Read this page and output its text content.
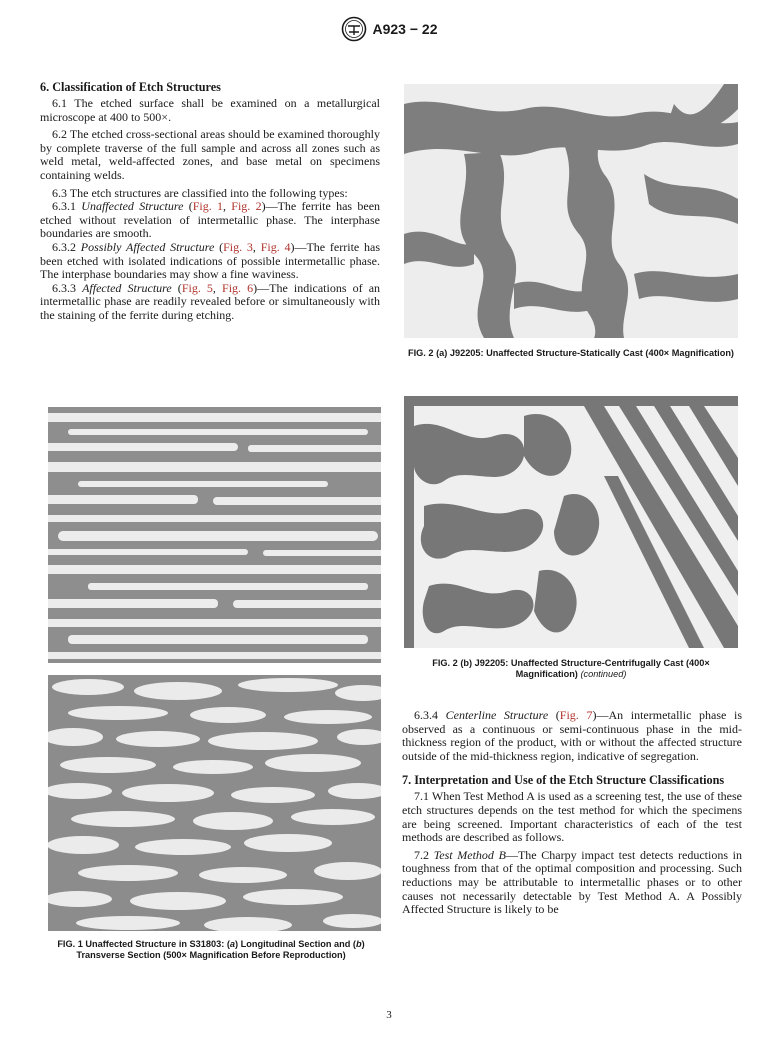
A923 − 22
6. Classification of Etch Structures

6.1 The etched surface shall be examined on a metallurgical microscope at 400 to 500×.

6.2 The etched cross-sectional areas should be examined thoroughly by complete traverse of the full sample and across all zones such as weld metal, weld-affected zones, and base metal on specimens containing welds.

6.3 The etch structures are classified into the following types:

6.3.1 Unaffected Structure (Fig. 1, Fig. 2)—The ferrite has been etched without revelation of intermetallic phase. The interphase boundaries are smooth.

6.3.2 Possibly Affected Structure (Fig. 3, Fig. 4)—The ferrite has been etched with isolated indications of possible intermetallic phase. The interphase boundaries may show a fine waviness.

6.3.3 Affected Structure (Fig. 5, Fig. 6)—The indications of an intermetallic phase are readily revealed before or simultaneously with the staining of the ferrite during etching.

FIG. 1 Unaffected Structure in S31803: (a) Longitudinal Section and (b) Transverse Section (500× Magnification Before Reproduction)
FIG. 2 (a) J92205: Unaffected Structure-Statically Cast (400× Magnification)
FIG. 2 (b) J92205: Unaffected Structure-Centrifugally Cast (400× Magnification) (continued)

6.3.4 Centerline Structure (Fig. 7)—An intermetallic phase is observed as a continuous or semi-continuous phase in the mid-thickness region of the product, with or without the affected structure outside of the mid-thickness region, indicative of segregation.

7. Interpretation and Use of the Etch Structure Classifications

7.1 When Test Method A is used as a screening test, the use of these etch structures depends on the test method for which the specimens are being screened. Important characteristics of each of the test methods are described as follows.

7.2 Test Method B—The Charpy impact test detects reductions in toughness from that of the optimal composition and processing. Such reductions may be attributable to intermetallic phases or to other causes not necessarily detectable by Test Method A. A Possibly Affected Structure is likely to be

3
